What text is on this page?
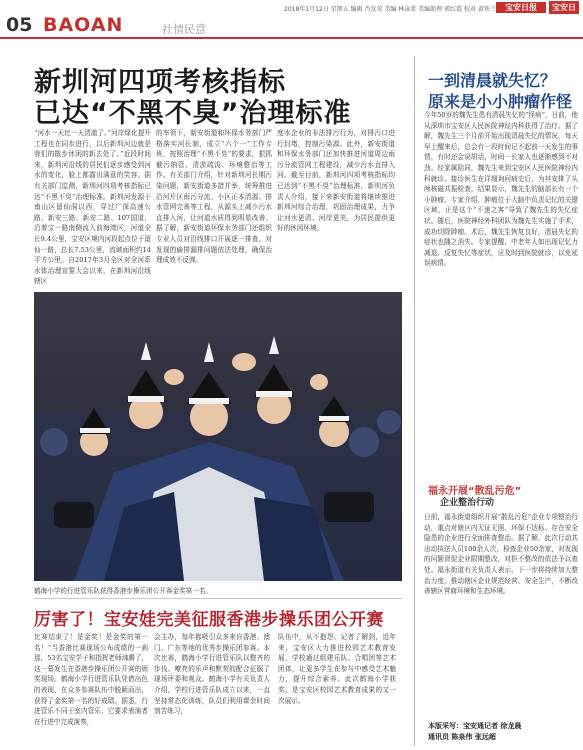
05 BAOAN	社情民意
2018年1月12日 星期五 编辑 肖发荣 美编 林泳希 美编助理 郭红霞 校对 黄铁兰	宝安日报	宝安日报
新圳河四项考核指标
已达“不黑不臭”治理标准
“河水一天比一天清澈了。”河岸绿化提升工程也在同步进行，以后新圳河边就是我们的散步休闲的新去处了。”近段时间来，新圳河沿线的居民们逐步感受到河水的变化，脸上都露出满意的笑容。据有关部门监测，新圳河四项考核指标已达“不黑不臭”治理标准。新圳河发源于南山区留仙洞以西，穿过广深高速公路、新安三路、新安二路、107国道，沿着宝一路南侧流入前海湾区，河道全长9.4公里，宝安区境内河段起点位于留仙一路，总长7.53公里，流域面积约14平方公里。自2017年3月全区对全河系水体治理宣誓大会以来，在新圳河沿线辖区
的率领下，新安街道和环保水务部门严格落实河长制，成立“六个一”工作专班，按照治理“不黑不臭”的要求，狠抓截污纳管、清淤疏浚、环境整治等工作。有关部门介绍，针对新圳河长期污染问题，新安街道多措并举，统筹推进沿河片区雨污分流、小区正本清源、排水管网完善等工程，从源头上减少污水直排入河，让河道水质得到明显改善。据了解，新安街道环保水务部门还组织专业人员对沿线排口开展逐一排查，对发现的偷排漏排问题依法处理，确保治理成效不反弹。
度水企业的非法排污行为，对排污口进行封堵，控制污染源。此外，新安街道和环保水务部门还加快推进河道周边雨污分流管网工程建设，减少污水直排入河。截至目前，新圳河四项考核指标均已达到“不黑不臭”治理标准，新圳河负责人介绍，接下来新安街道将继续推进新圳河综合治理，巩固治理成果，力争让河水更清、河岸更美，为居民提供更好的休闲环境。
鹤海小学的行进管乐队获得香港步操乐团公开赛金奖第一名。
厉害了！宝安娃完美征服香港步操乐团公开赛
比赛结束了！是金奖！是金奖的第一名！”当香港比赛现场公布成绩的一刹那，53名宝安学子和指挥老师沸腾了，这一幕发生在香港步操乐团公开赛的颁奖现场。鹤海小学行进管乐队凭借出色的表现，在众多参赛队伍中脱颖而出，获得了金奖第一名的好成绩。据悉，行进管乐不同于室内管乐，它要求表演者在行进中完成演奏，
会主办，每年都吸引众多来自香港、澳门、广东等地的优秀步操乐团参赛。本次比赛，鹤海小学行进管乐队以整齐的步伐、嘹亮的乐声和默契的配合征服了现场评委和观众。鹤海小学有关负责人介绍，学校行进管乐队成立以来，一直坚持常态化训练，队员们利用课余时间刻苦练习，
队伍中，从不抱怨。记者了解到，近年来，宝安区大力推进校园艺术教育发展，学校通过组建乐队、合唱团等艺术团体，让更多学生在参与中感受艺术魅力，提升综合素养。此次鹤海小学获奖，是宝安区校园艺术教育成果的又一次展示。
一到清晨就失忆？
原来是小小肿瘤作怪
今年50岁的魏先生患有清晨失忆的“怪病”，日前，他从深圳市宝安区人民医院神经内科获得了治疗。据了解，魏先生三个月前开始出现清晨失忆的情况，每天早上醒来后，总会有一段时间记不起前一天发生的事情，有时还会说胡话，时间一长家人也逐渐感到不对劲。经家属陪同，魏先生来到宝安区人民医院神经内科就诊。接诊医生在详细询问病史后，为其安排了头颅核磁共振检查，结果显示，魏先生的脑部长有一个小肿瘤。专家介绍，肿瘤位于大脑中负责记忆的关键区域，正是这个“不速之客”导致了魏先生的失忆症状。随后，医院神经外科团队为魏先生实施了手术，成功切除肿瘤。术后，魏先生恢复良好，清晨失忆的症状也随之消失。专家提醒，中老年人如出现记忆力减退、反复失忆等症状，应及时到医院就诊，以免延误病情。
福永开展“散乱污危”
企业整治行动
日前，福永街道组织开展“散乱污危”企业专项整治行动，重点对辖区内无证无照、环保不达标、存在安全隐患的企业进行全面排查整治。据了解，此次行动共出动执法人员100余人次，检查企业50余家，对发现的问题督促企业限期整改，对拒不整改的依法予以查处。福永街道有关负责人表示，下一步将持续加大整治力度，推动辖区企业规范经营、安全生产，不断改善辖区营商环境和生态环境。
本版采写：宝安通记者 徐龙晨
通讯员 陈泉伟 张远超
